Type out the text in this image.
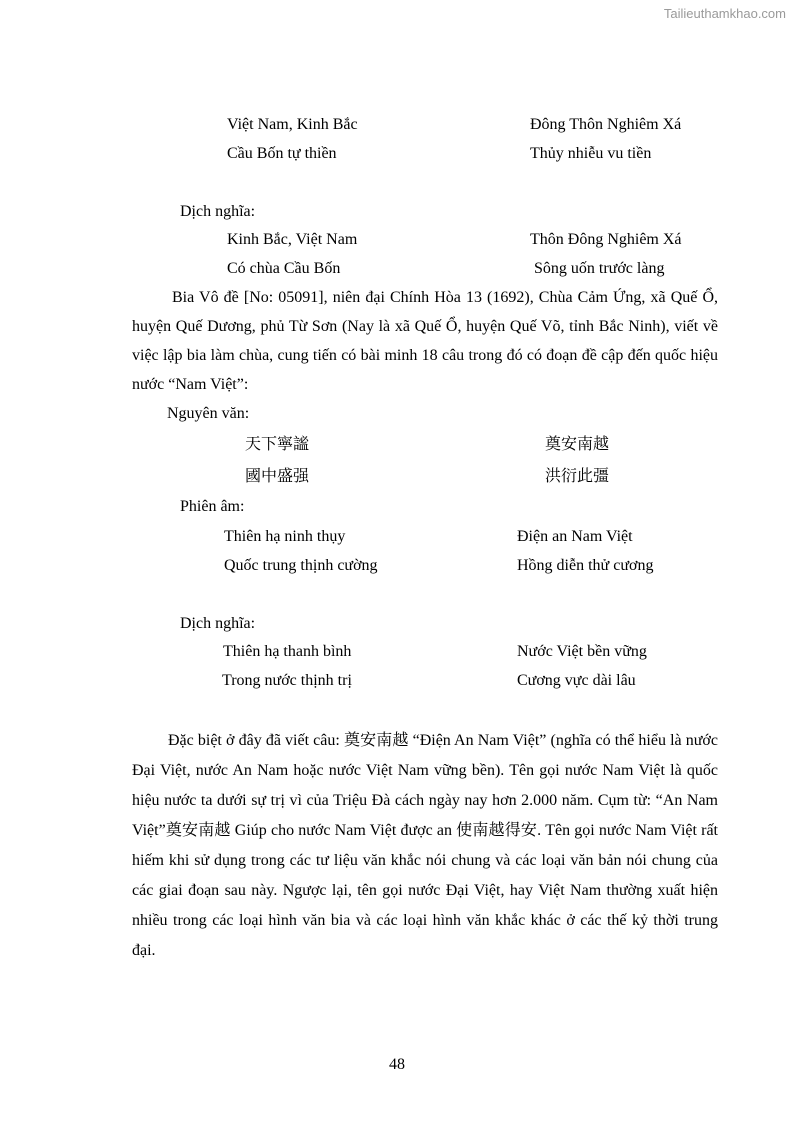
Tailieuthamkhao.com
Việt Nam, Kinh Bắc	Đông Thôn Nghiêm Xá
Cầu Bốn tự thiền	Thủy nhiễu vu tiền
Dịch nghĩa:
Kinh Bắc, Việt Nam	Thôn Đông Nghiêm Xá
Có chùa Cầu Bốn	Sông uốn trước làng
Bia Vô đề [No: 05091], niên đại Chính Hòa 13 (1692), Chùa Cảm Ứng, xã Quế Ổ, huyện Quế Dương, phủ Từ Sơn (Nay là xã Quế Ổ, huyện Quế Võ, tỉnh Bắc Ninh), viết về việc lập bia làm chùa, cung tiến có bài minh 18 câu trong đó có đoạn đề cập đến quốc hiệu nước “Nam Việt”:
Nguyên văn:
天下寧謐	奠安南越
國中盛强	洪衍此彊
Phiên âm:
Thiên hạ ninh thụy	Điện an Nam Việt
Quốc trung thịnh cường	Hồng diễn thử cương
Dịch nghĩa:
Thiên hạ thanh bình	Nước Việt bền vững
Trong nước thịnh trị	Cương vực dài lâu
Đặc biệt ở đây đã viết câu: 奠安南越 “Điện An Nam Việt” (nghĩa có thể hiểu là nước Đại Việt, nước An Nam hoặc nước Việt Nam vững bền). Tên gọi nước Nam Việt là quốc hiệu nước ta dưới sự trị vì của Triệu Đà cách ngày nay hơn 2.000 năm. Cụm từ: “An Nam Việt”奠安南越 Giúp cho nước Nam Việt được an 使南越得安. Tên gọi nước Nam Việt rất hiếm khi sử dụng trong các tư liệu văn khắc nói chung và các loại văn bản nói chung của các giai đoạn sau này. Ngược lại, tên gọi nước Đại Việt, hay Việt Nam thường xuất hiện nhiều trong các loại hình văn bia và các loại hình văn khắc khác ở các thế kỷ thời trung đại.
48
